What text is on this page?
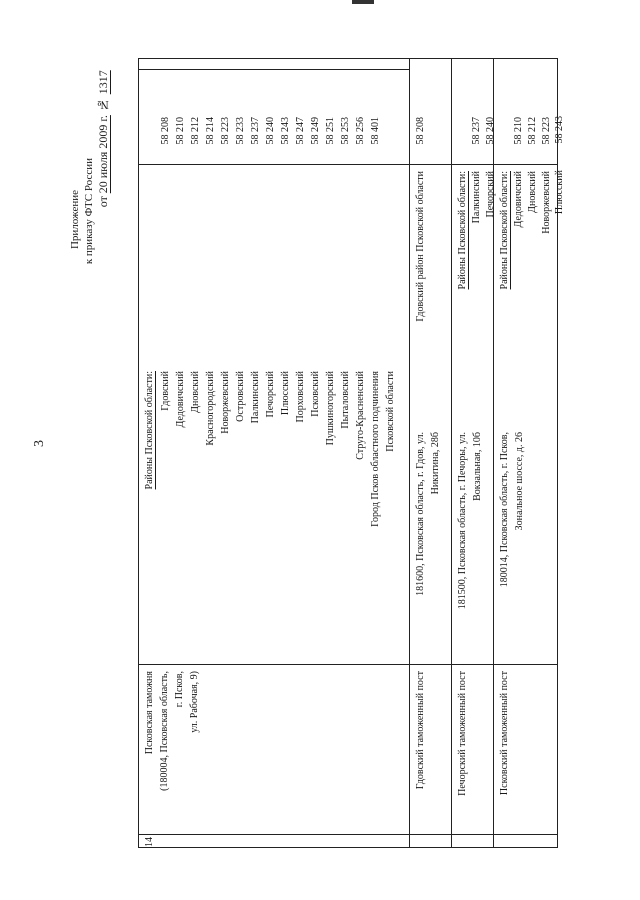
3
Приложение к приказу ФТС России от 20 июля 2009 г. № 1317
14
Псковская таможня (180004, Псковская область, г. Псков, ул. Рабочая, 9)
Районы Псковской области: Гдовский Дедовичский Дновский Красногородский Новоржевский Островский Палкинский Печорский Плюсский Порховский Псковский Пушкиногорский Пыталовский Струго-Красненский Город Псков областного подчинения Псковской области
58 208 58 210 58 212 58 214 58 223 58 233 58 237 58 240 58 243 58 247 58 249 58 251 58 253 58 256 58 401
Гдовский таможенный пост
181600, Псковская область, г. Гдов, ул. Никитина, 28б
Гдовский район Псковской области
58 208
Печорский таможенный пост
181500, Псковская область, г. Печоры, ул. Вокзальная, 10б
Районы Псковской области: Палкинский Печорский
58 237 58 240
Псковский таможенный пост
180014, Псковская область, г. Псков, Зональное шоссе, д. 26
Районы Псковской области: Дедовичский Дновский Новоржевский
58 210 58 212 58 223
Плюсский
58 243
